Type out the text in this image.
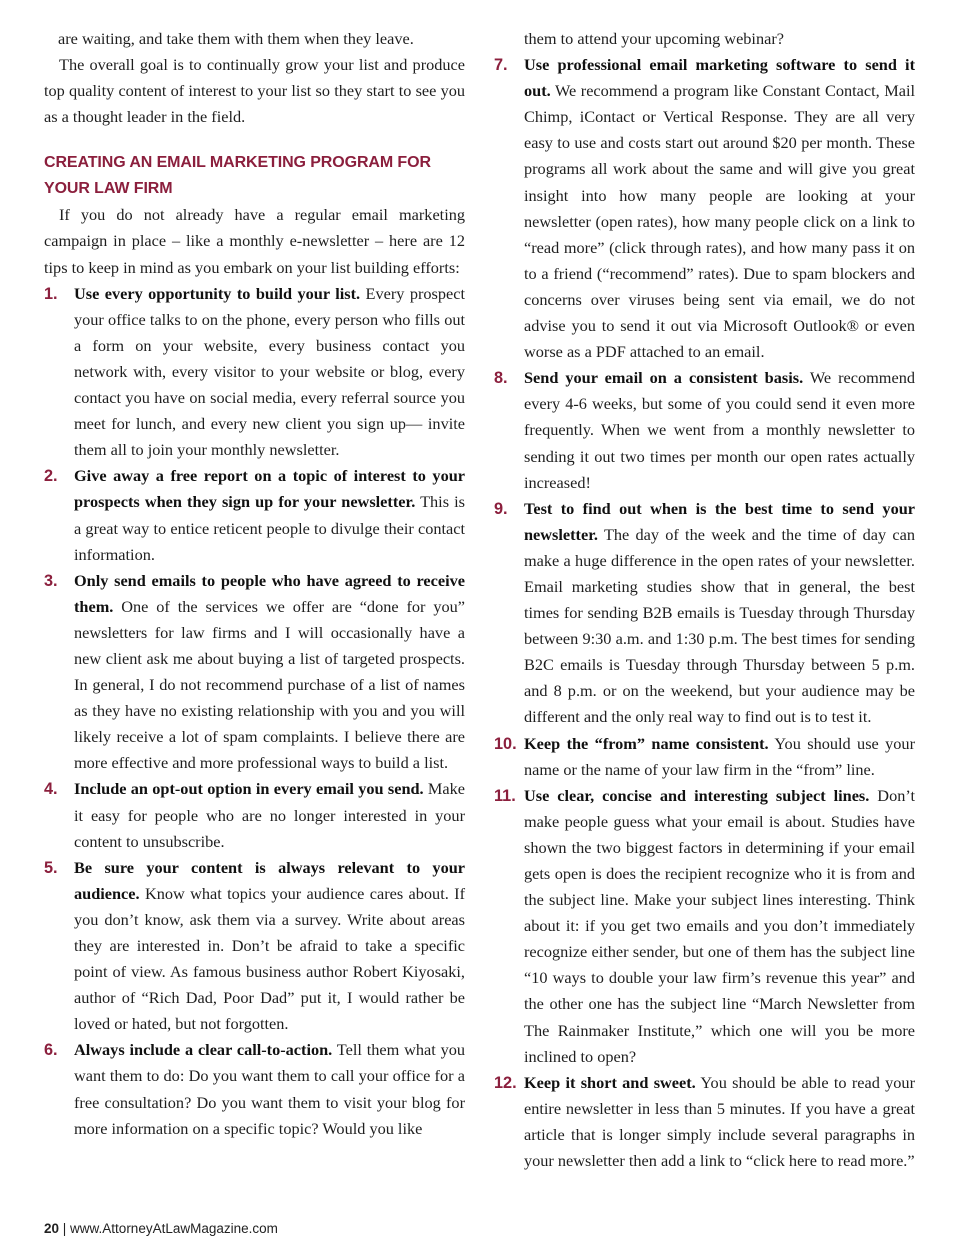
are waiting, and take them with them when they leave.

The overall goal is to continually grow your list and produce top quality content of interest to your list so they start to see you as a thought leader in the field.

CREATING AN EMAIL MARKETING PROGRAM FOR YOUR LAW FIRM

If you do not already have a regular email marketing campaign in place – like a monthly e-newsletter – here are 12 tips to keep in mind as you embark on your list building efforts:

1.	Use every opportunity to build your list. Every prospect your office talks to on the phone, every person who fills out a form on your website, every business contact you network with, every visitor to your website or blog, every contact you have on social media, every referral source you meet for lunch, and every new client you sign up— invite them all to join your monthly newsletter.
2.	Give away a free report on a topic of interest to your prospects when they sign up for your newsletter. This is a great way to entice reticent people to divulge their contact information.
3.	Only send emails to people who have agreed to receive them. One of the services we offer are “done for you” newsletters for law firms and I will occasionally have a new client ask me about buying a list of targeted prospects. In general, I do not recommend purchase of a list of names as they have no existing relationship with you and you will likely receive a lot of spam complaints. I believe there are more effective and more professional ways to build a list.
4.	Include an opt-out option in every email you send. Make it easy for people who are no longer interested in your content to unsubscribe.
5.	Be sure your content is always relevant to your audience. Know what topics your audience cares about. If you don’t know, ask them via a survey. Write about areas they are interested in. Don’t be afraid to take a specific point of view. As famous business author Robert Kiyosaki, author of “Rich Dad, Poor Dad” put it, I would rather be loved or hated, but not forgotten.
6.	Always include a clear call-to-action. Tell them what you want them to do: Do you want them to call your office for a free consultation? Do you want them to visit your blog for more information on a specific topic? Would you like

them to attend your upcoming webinar?

7.	Use professional email marketing software to send it out. We recommend a program like Constant Contact, Mail Chimp, iContact or Vertical Response. They are all very easy to use and costs start out around $20 per month. These programs all work about the same and will give you great insight into how many people are looking at your newsletter (open rates), how many people click on a link to “read more” (click through rates), and how many pass it on to a friend (“recommend” rates). Due to spam blockers and concerns over viruses being sent via email, we do not advise you to send it out via Microsoft Outlook® or even worse as a PDF attached to an email.
8.	Send your email on a consistent basis. We recommend every 4-6 weeks, but some of you could send it even more frequently. When we went from a monthly newsletter to sending it out two times per month our open rates actually increased!
9.	Test to find out when is the best time to send your newsletter. The day of the week and the time of day can make a huge difference in the open rates of your newsletter. Email marketing studies show that in general, the best times for sending B2B emails is Tuesday through Thursday between 9:30 a.m. and 1:30 p.m. The best times for sending B2C emails is Tuesday through Thursday between 5 p.m. and 8 p.m. or on the weekend, but your audience may be different and the only real way to find out is to test it.
10. Keep the “from” name consistent. You should use your name or the name of your law firm in the “from” line.
11. Use clear, concise and interesting subject lines. Don’t make people guess what your email is about. Studies have shown the two biggest factors in determining if your email gets open is does the recipient recognize who it is from and the subject line. Make your subject lines interesting. Think about it: if you get two emails and you don’t immediately recognize either sender, but one of them has the subject line “10 ways to double your law firm’s revenue this year” and the other one has the subject line “March Newsletter from The Rainmaker Institute,” which one will you be more inclined to open?
12. Keep it short and sweet. You should be able to read your entire newsletter in less than 5 minutes. If you have a great article that is longer simply include several paragraphs in your newsletter then add a link to “click here to read more.”
20 | www.AttorneyAtLawMagazine.com
